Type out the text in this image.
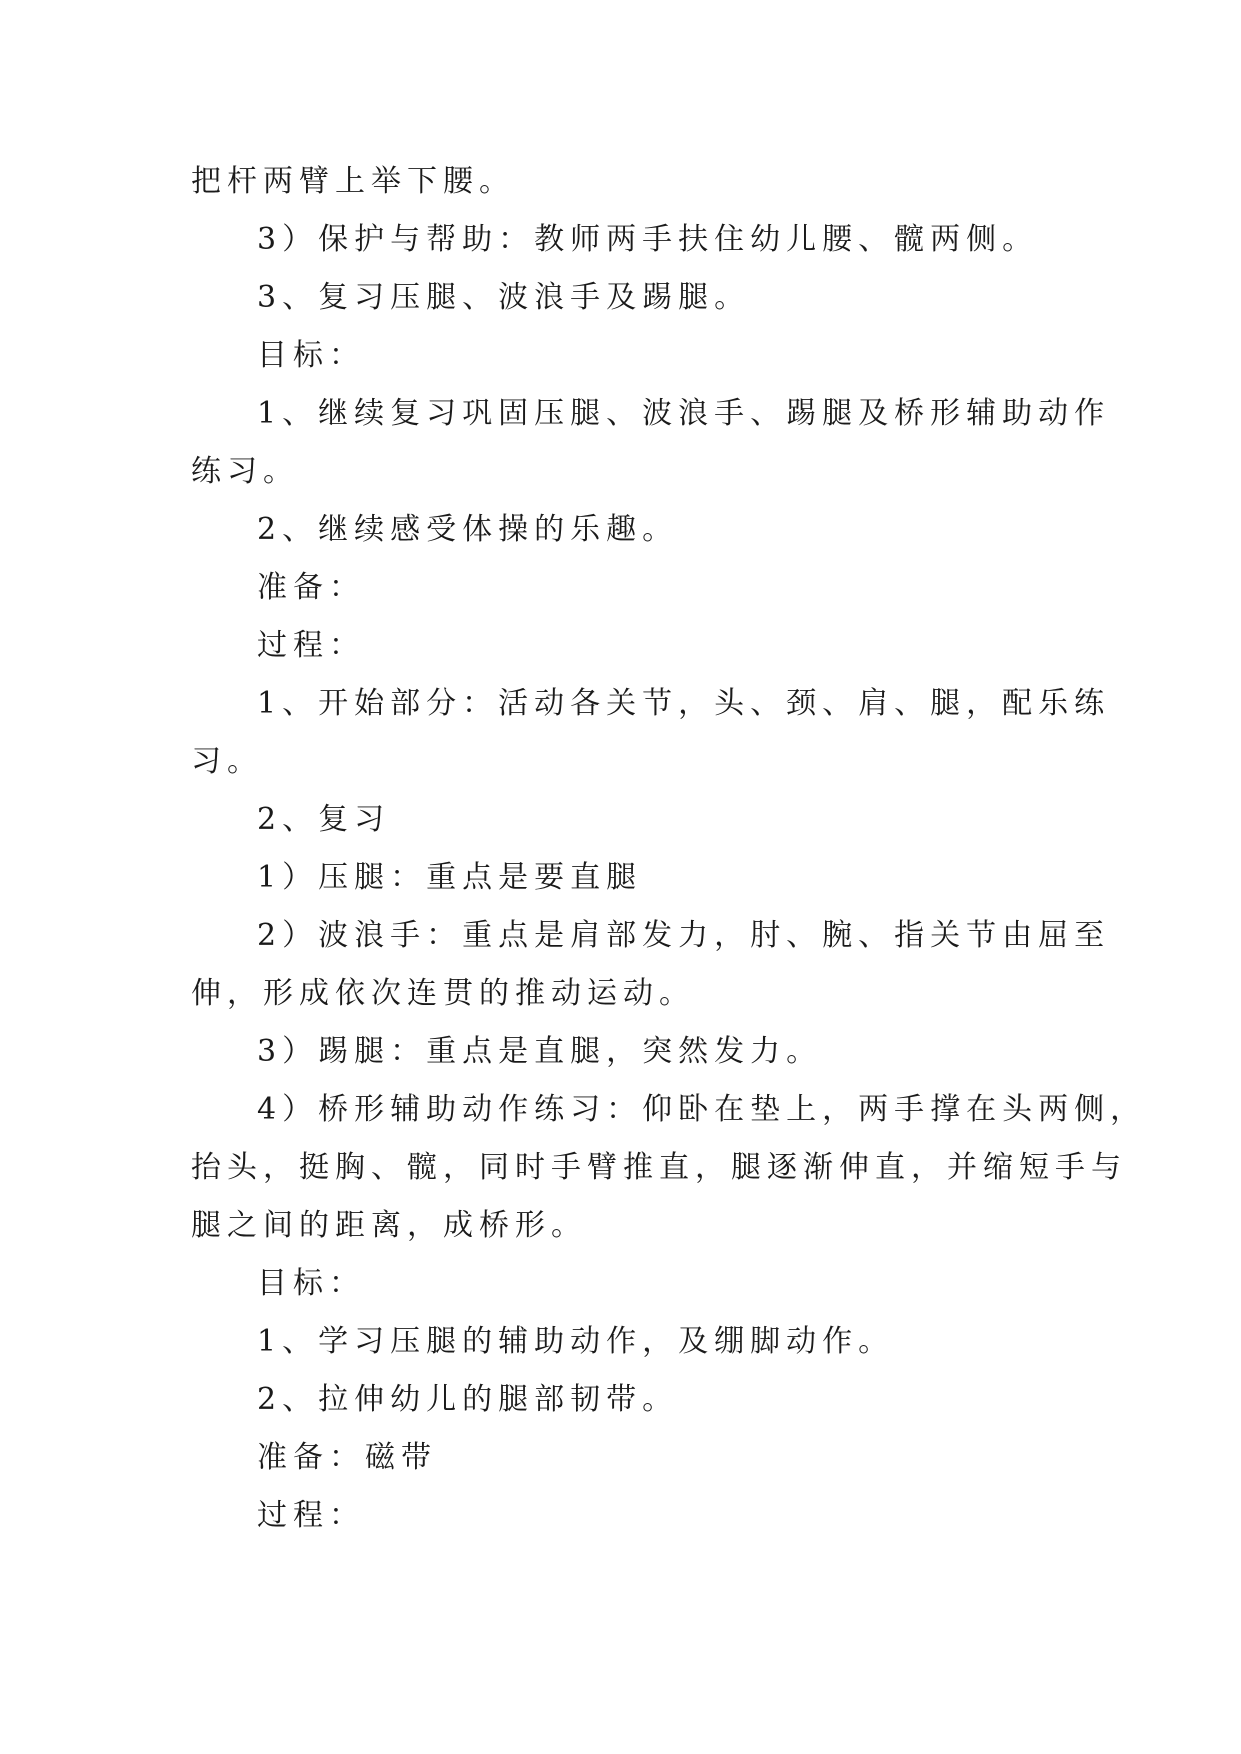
把杆两臂上举下腰。
3）保护与帮助：教师两手扶住幼儿腰、髋两侧。
3、复习压腿、波浪手及踢腿。
目标：
1、继续复习巩固压腿、波浪手、踢腿及桥形辅助动作
练习。
2、继续感受体操的乐趣。
准备：
过程：
1、开始部分：活动各关节，头、颈、肩、腿，配乐练
习。
2、复习
1）压腿：重点是要直腿
2）波浪手：重点是肩部发力，肘、腕、指关节由屈至
伸，形成依次连贯的推动运动。
3）踢腿：重点是直腿，突然发力。
4）桥形辅助动作练习：仰卧在垫上，两手撑在头两侧，
抬头，挺胸、髋，同时手臂推直，腿逐渐伸直，并缩短手与
腿之间的距离，成桥形。
目标：
1、学习压腿的辅助动作，及绷脚动作。
2、拉伸幼儿的腿部韧带。
准备：磁带
过程：
